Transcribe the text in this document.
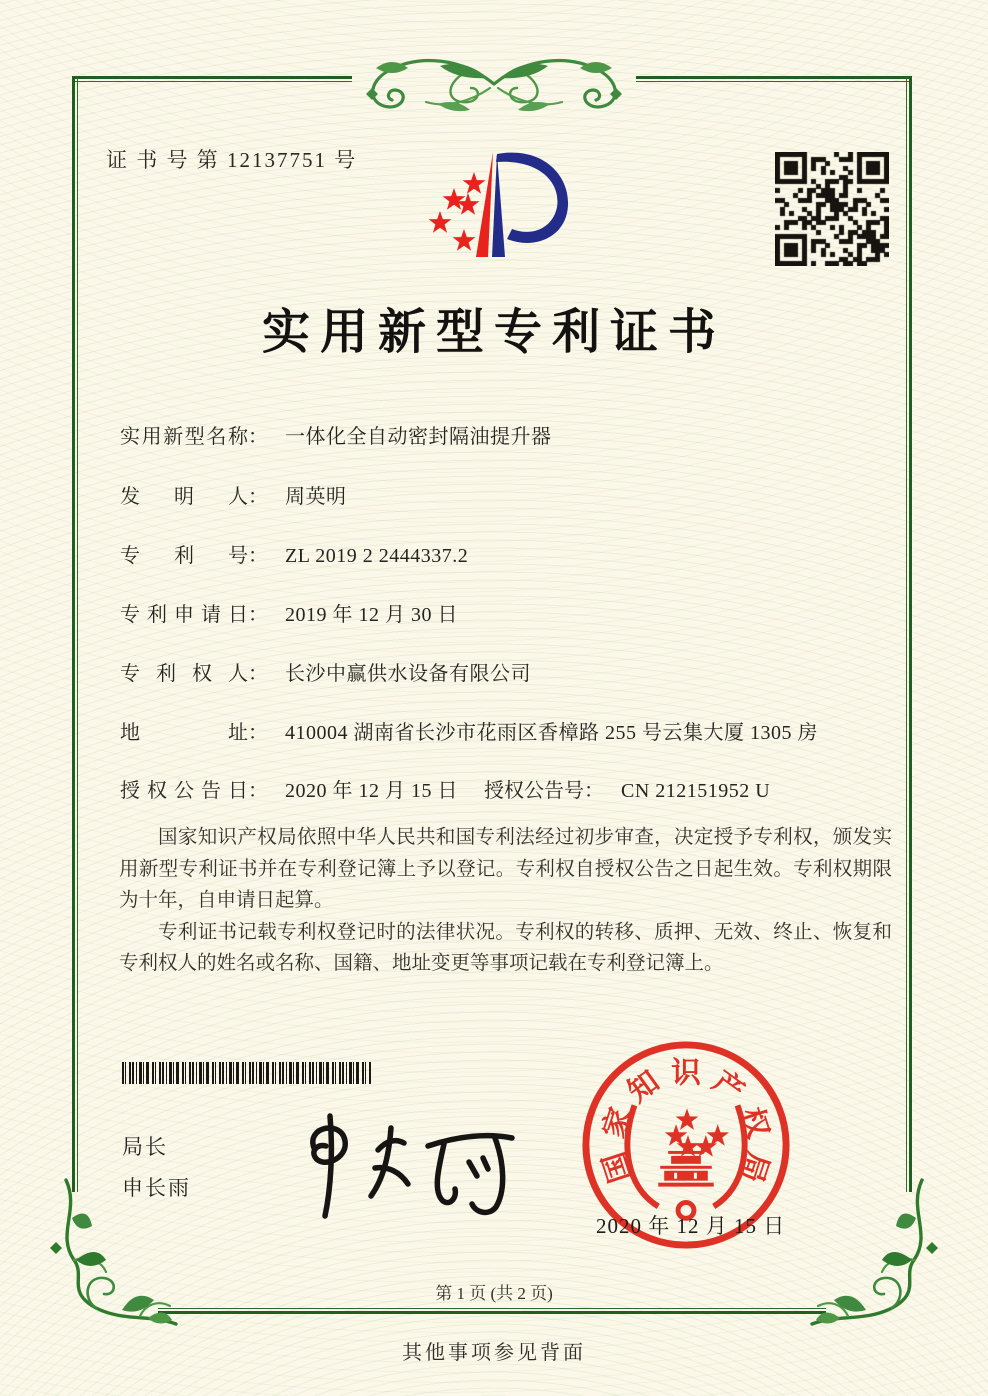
证 书 号 第 12137751 号
实用新型专利证书
实用新型名称： 一体化全自动密封隔油提升器
发明人： 周英明
专利号： ZL 2019 2 2444337.2
专利申请日： 2019 年 12 月 30 日
专利权人： 长沙中赢供水设备有限公司
地址： 410004 湖南省长沙市花雨区香樟路 255 号云集大厦 1305 房
授权公告日： 2020 年 12 月 15 日 授权公告号： CN 212151952 U

国家知识产权局依照中华人民共和国专利法经过初步审查，决定授予专利权，颁发实用新型专利证书并在专利登记簿上予以登记。专利权自授权公告之日起生效。专利权期限为十年，自申请日起算。

专利证书记载专利权登记时的法律状况。专利权的转移、质押、无效、终止、恢复和专利权人的姓名或名称、国籍、地址变更等事项记载在专利登记簿上。

局长
申长雨
国
家
知 识 产
权
局
2020 年 12 月 15 日
第 1 页 (共 2 页)
其他事项参见背面
